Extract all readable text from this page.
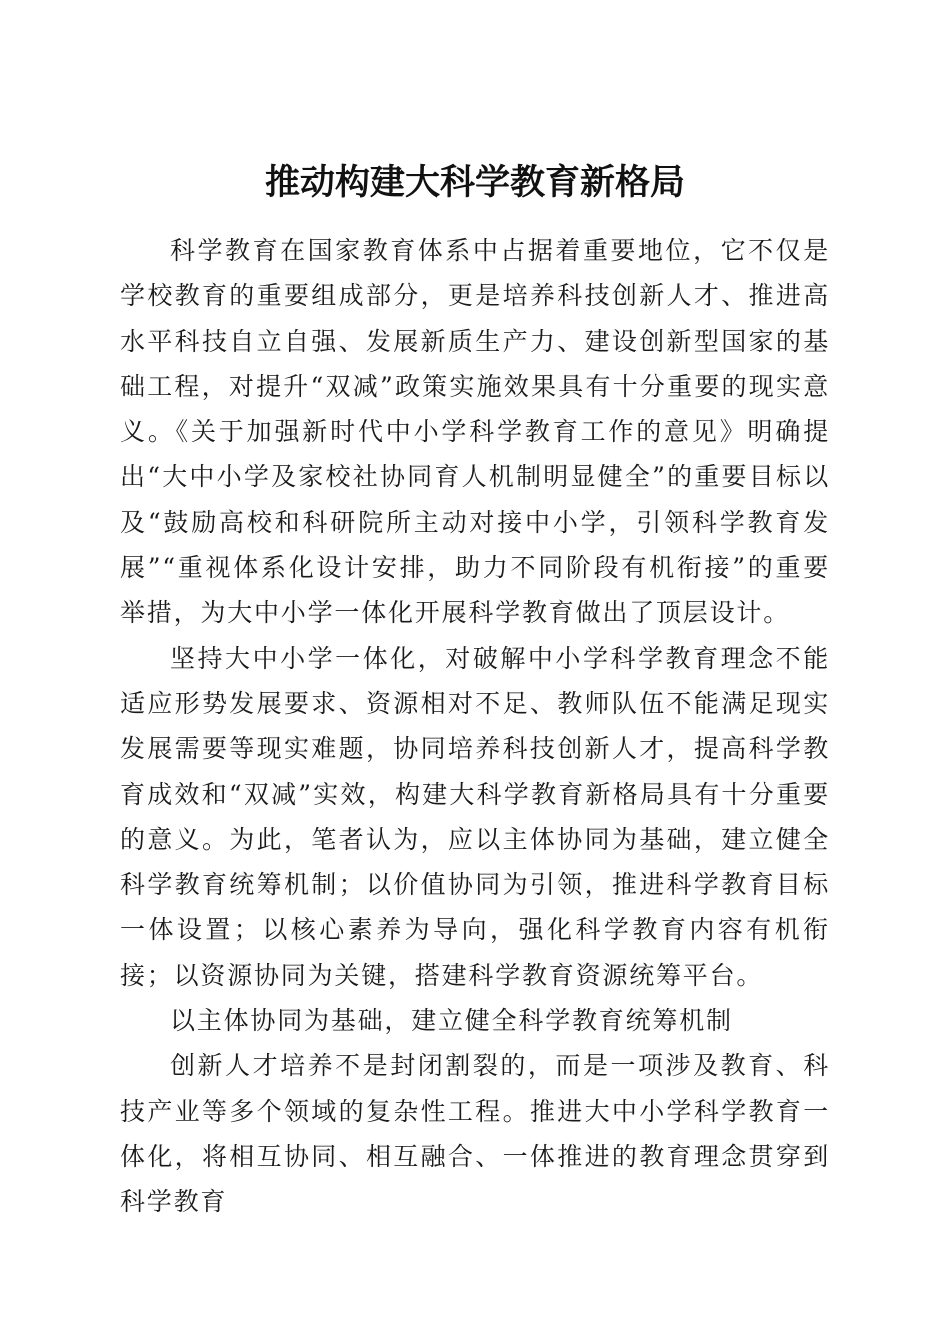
推动构建大科学教育新格局

科学教育在国家教育体系中占据着重要地位，它不仅是学校教育的重要组成部分，更是培养科技创新人才、推进高水平科技自立自强、发展新质生产力、建设创新型国家的基础工程，对提升“双减”政策实施效果具有十分重要的现实意义。《关于加强新时代中小学科学教育工作的意见》明确提出“大中小学及家校社协同育人机制明显健全”的重要目标以及“鼓励高校和科研院所主动对接中小学，引领科学教育发展”“重视体系化设计安排，助力不同阶段有机衔接”的重要举措，为大中小学一体化开展科学教育做出了顶层设计。

坚持大中小学一体化，对破解中小学科学教育理念不能适应形势发展要求、资源相对不足、教师队伍不能满足现实发展需要等现实难题，协同培养科技创新人才，提高科学教育成效和“双减”实效，构建大科学教育新格局具有十分重要的意义。为此，笔者认为，应以主体协同为基础，建立健全科学教育统筹机制；以价值协同为引领，推进科学教育目标一体设置；以核心素养为导向，强化科学教育内容有机衔接；以资源协同为关键，搭建科学教育资源统筹平台。

以主体协同为基础，建立健全科学教育统筹机制

创新人才培养不是封闭割裂的，而是一项涉及教育、科技产业等多个领域的复杂性工程。推进大中小学科学教育一体化，将相互协同、相互融合、一体推进的教育理念贯穿到科学教育
